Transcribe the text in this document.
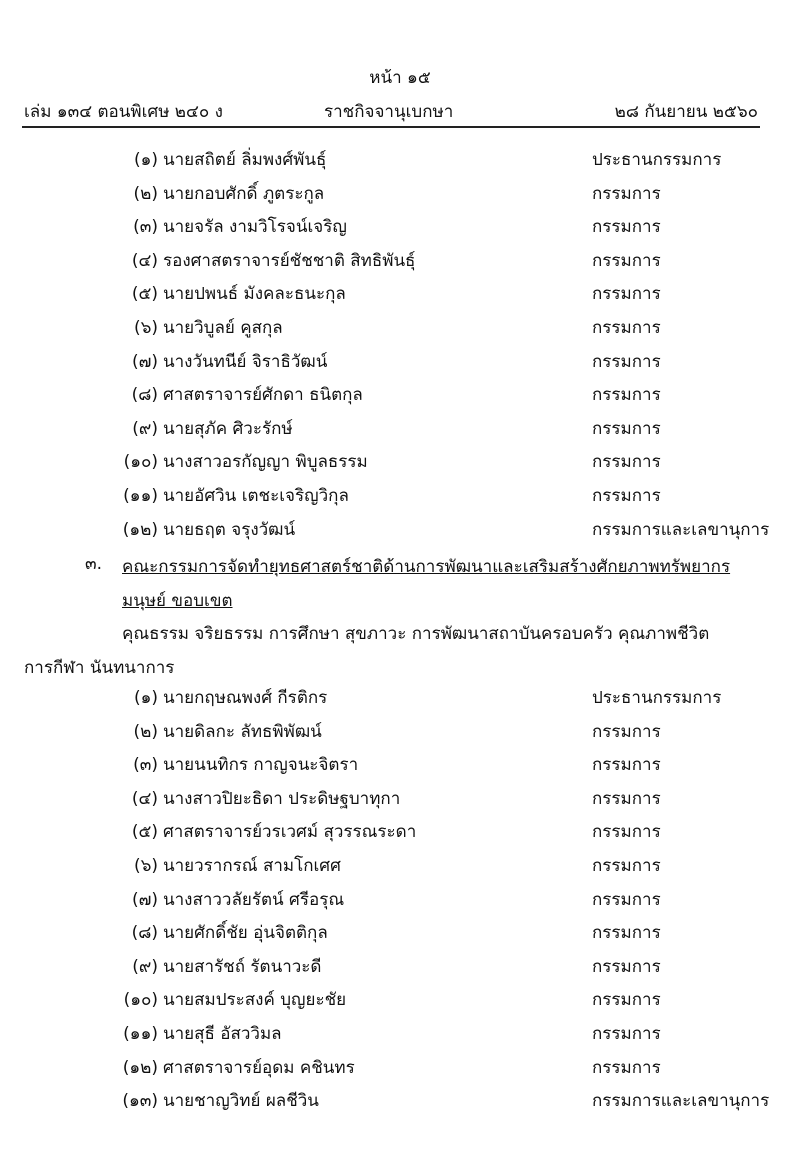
หน้า ๑๕
เล่ม ๑๓๔ ตอนพิเศษ ๒๔๐ ง	ราชกิจจานุเบกษา	๒๘ กันยายน ๒๕๖๐
(๑) นายสถิตย์ ลิ่มพงศ์พันธุ์	ประธานกรรมการ
(๒) นายกอบศักดิ์ ภูตระกูล	กรรมการ
(๓) นายจรัล งามวิโรจน์เจริญ	กรรมการ
(๔) รองศาสตราจารย์ชัชชาติ สิทธิพันธุ์	กรรมการ
(๕) นายปพนธ์ มังคละธนะกุล	กรรมการ
(๖) นายวิบูลย์ คูสกุล	กรรมการ
(๗) นางวันทนีย์ จิราธิวัฒน์	กรรมการ
(๘) ศาสตราจารย์ศักดา ธนิตกุล	กรรมการ
(๙) นายสุภัค ศิวะรักษ์	กรรมการ
(๑๐) นางสาวอรกัญญา พิบูลธรรม	กรรมการ
(๑๑) นายอัศวิน เตชะเจริญวิกุล	กรรมการ
(๑๒) นายธฤต จรุงวัฒน์	กรรมการและเลขานุการ
๓. คณะกรรมการจัดทำยุทธศาสตร์ชาติด้านการพัฒนาและเสริมสร้างศักยภาพทรัพยากรมนุษย์ ขอบเขต
คุณธรรม จริยธรรม การศึกษา สุขภาวะ การพัฒนาสถาบันครอบครัว คุณภาพชีวิต
การกีฬา นันทนาการ
(๑) นายกฤษณพงศ์ กีรติกร	ประธานกรรมการ
(๒) นายดิลกะ ลัทธพิพัฒน์	กรรมการ
(๓) นายนนทิกร กาญจนะจิตรา	กรรมการ
(๔) นางสาวปิยะธิดา ประดิษฐบาทุกา	กรรมการ
(๕) ศาสตราจารย์วรเวศม์ สุวรรณระดา	กรรมการ
(๖) นายวรากรณ์ สามโกเศศ	กรรมการ
(๗) นางสาววลัยรัตน์ ศรีอรุณ	กรรมการ
(๘) นายศักดิ์ชัย อุ่นจิตติกุล	กรรมการ
(๙) นายสารัชถ์ รัตนาวะดี	กรรมการ
(๑๐) นายสมประสงค์ บุญยะชัย	กรรมการ
(๑๑) นายสุธี อัสววิมล	กรรมการ
(๑๒) ศาสตราจารย์อุดม คชินทร	กรรมการ
(๑๓) นายชาญวิทย์ ผลชีวิน	กรรมการและเลขานุการ
